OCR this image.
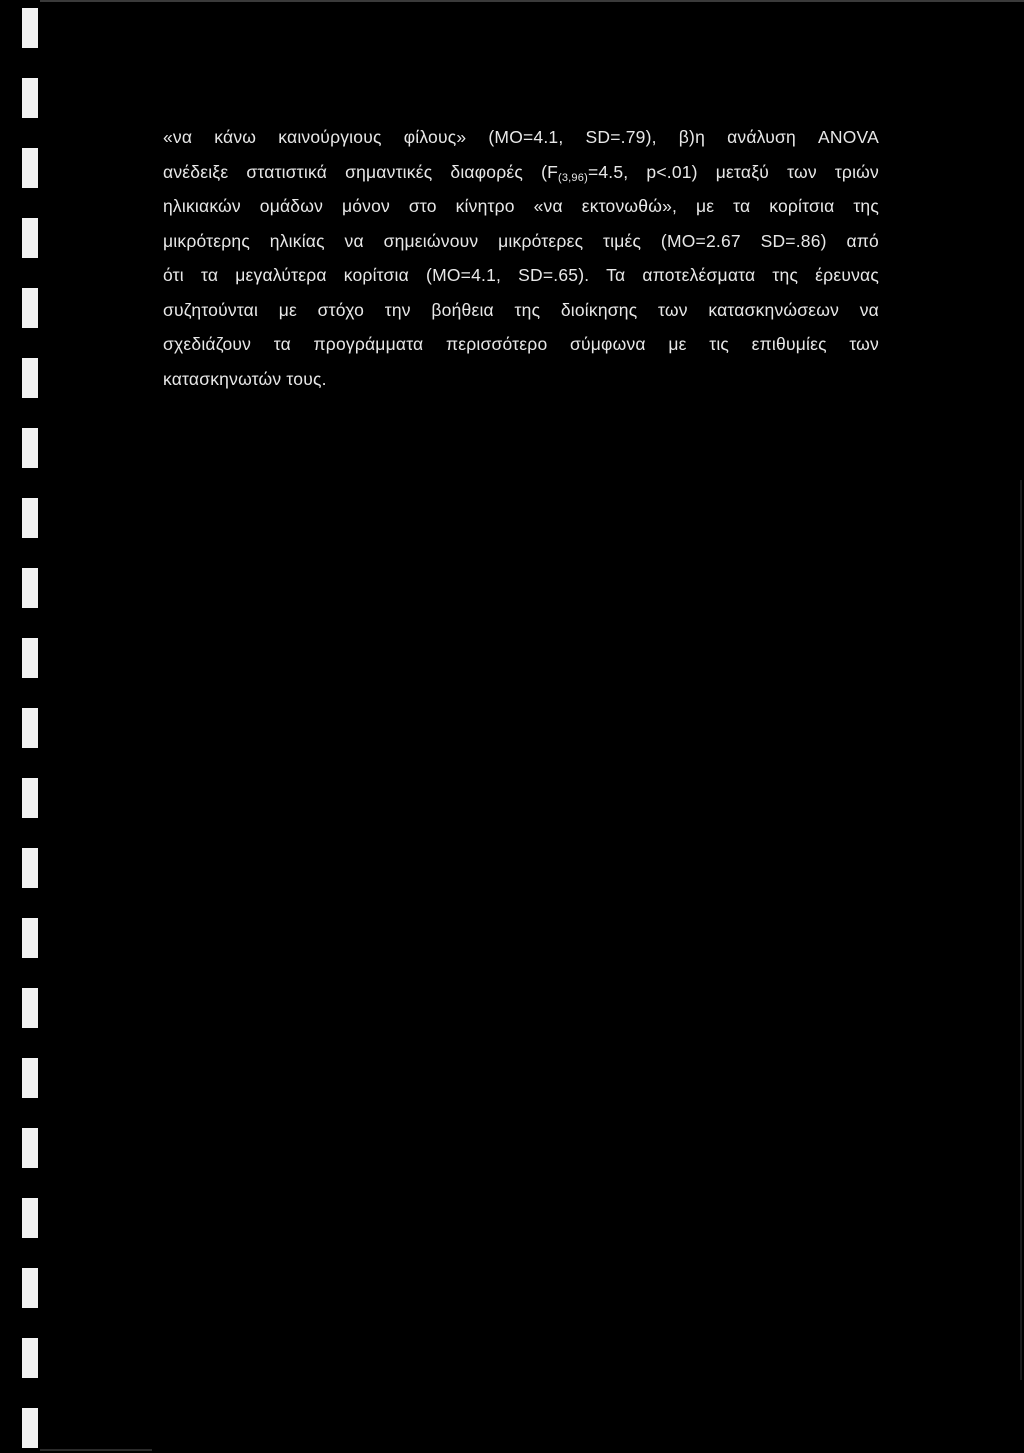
«να κάνω καινούργιους φίλους» (ΜΟ=4.1, SD=.79), β)η ανάλυση ANOVA
ανέδειξε στατιστικά σημαντικές διαφορές ($F_{(3,96)}=4.5$, p<.01) μεταξύ των τριών
ηλικιακών ομάδων μόνον στο κίνητρο «να εκτονωθώ», με τα κορίτσια της
μικρότερης ηλικίας να σημειώνουν μικρότερες τιμές (ΜΟ=2.67 SD=.86) από
ότι τα μεγαλύτερα κορίτσια (ΜΟ=4.1, SD=.65). Τα αποτελέσματα της έρευνας
συζητούνται με στόχο την βοήθεια της διοίκησης των κατασκηνώσεων να
σχεδιάζουν τα προγράμματα περισσότερο σύμφωνα με τις επιθυμίες των
κατασκηνωτών τους.
